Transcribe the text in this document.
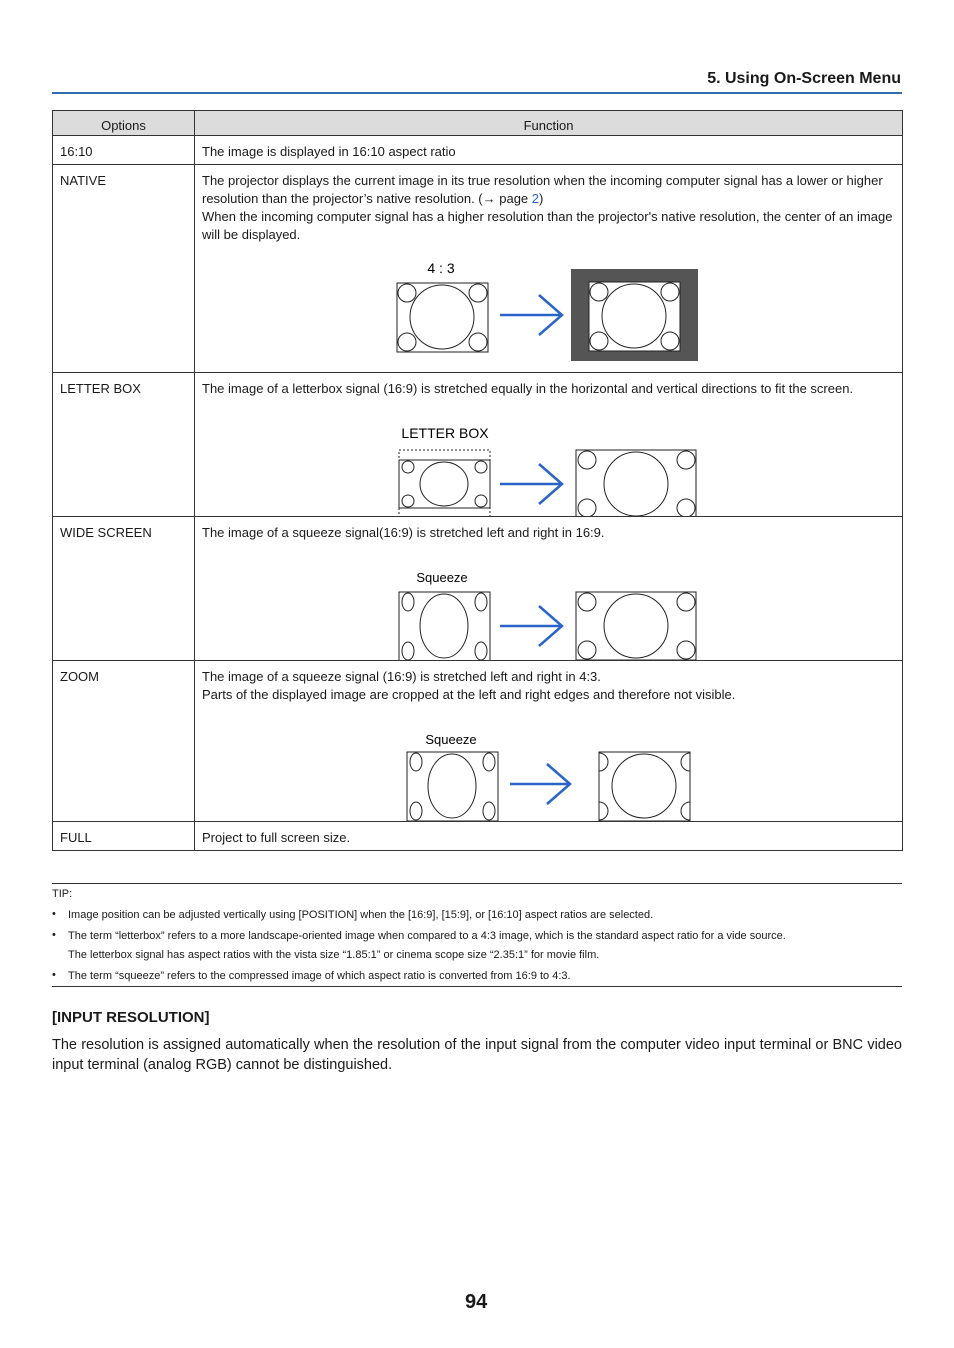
5. Using On-Screen Menu
Options	Function
16:10	The image is displayed in 16:10 aspect ratio

NATIVE	The projector displays the current image in its true resolution when the incoming computer signal has a lower or higher resolution than the projector’s native resolution. (→ page 2)

When the incoming computer signal has a higher resolution than the projector's native resolution, the center of an image will be displayed.

4 : 3

LETTER BOX	The image of a letterbox signal (16:9) is stretched equally in the horizontal and vertical directions to fit the screen.

LETTER BOX

WIDE SCREEN	The image of a squeeze signal(16:9) is stretched left and right in 16:9.

Squeeze

ZOOM	The image of a squeeze signal (16:9) is stretched left and right in 4:3.

Parts of the displayed image are cropped at the left and right edges and therefore not visible.

Squeeze

FULL	Project to full screen size.

TIP:
• Image position can be adjusted vertically using [POSITION] when the [16:9], [15:9], or [16:10] aspect ratios are selected.
• The term “letterbox” refers to a more landscape-oriented image when compared to a 4:3 image, which is the standard aspect ratio for a vide source.
The letterbox signal has aspect ratios with the vista size “1.85:1” or cinema scope size “2.35:1” for movie film.
• The term “squeeze” refers to the compressed image of which aspect ratio is converted from 16:9 to 4:3.
[INPUT RESOLUTION]
The resolution is assigned automatically when the resolution of the input signal from the computer video input terminal or BNC video input terminal (analog RGB) cannot be distinguished.
94
